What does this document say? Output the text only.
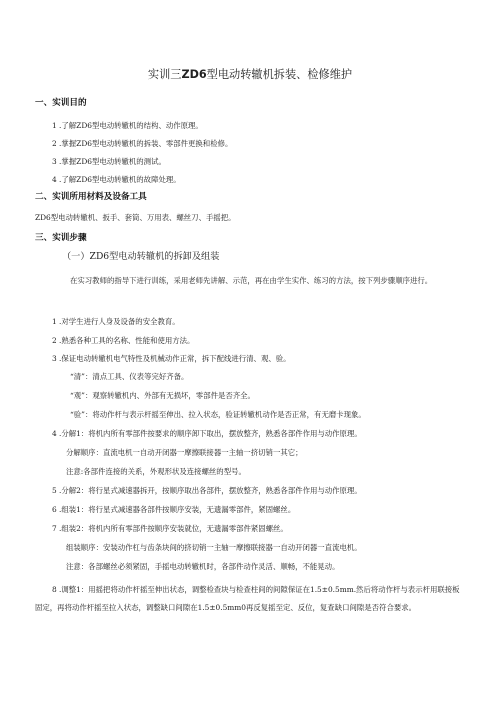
实训三ZD6型电动转辙机拆装、检修维护
一、实训目的
1 .了解ZD6型电动转辙机的结构、动作原理。
2 .掌握ZD6型电动转辙机的拆装、零部件更换和检修。
3 .掌握ZD6型电动转辙机的测试。
4 .了解ZD6型电动转辙机的故障处理。
二、实训所用材料及设备工具
ZD6型电动转辙机、扳手、套筒、万用表、螺丝刀、手摇把。
三、实训步骤
（一）ZD6型电动转辙机的拆卸及组装
在实习教师的指导下进行训练，采用老师先讲解、示范，再在由学生实作、练习的方法，按下列步骤顺序进行。
1 .对学生进行人身及设备的安全教育。
2 .熟悉各种工具的名称、性能和使用方法。
3 .保证电动转辙机电气特性及机械动作正常，拆下配线进行清、观、验。
“清”：清点工具、仪表等完好齐备。
“观”：观察转辙机内、外部有无损坏，零部件是否齐全。
“验”：将动作杆与表示杆摇至伸出、拉入状态，验证转辙机动作是否正常，有无磨卡现象。
4 .分解1：将机内所有零部件按要求的顺序卸下取出，摆放整齐，熟悉各部件作用与动作原理。
分解顺序：直流电机一自动开闭器一摩擦联接器一主轴一挤切销一其它；
注意:各部件连接的关系，外观形状及连接螺丝的型号。
5 .分解2：将行星式减速器拆开，按顺序取出各部件，摆放整齐，熟悉各部件作用与动作原理。
6 .组装1：将行星式减速器各部件按顺序安装，无遗漏零部件，紧固螺丝。
7 .组装2：将机内所有零部件按顺序安装就位，无遗漏零部件紧固螺丝。
组装顺序：安装动作杠与齿条块间的挤切销一主轴一摩擦联接器一自动开闭器一直流电机。
注意：各部螺丝必须紧固，手摇电动转辙机时，各部件动作灵活、顺畅，不能晃动。
8 .调整1：用摇把将动作杆摇至伸出状态，调整检查块与检查柱间的间隙保证在1.5±0.5mm.然后将动作杆与表示杆用联接板固定，再将动作杆摇至拉入状态，调整缺口间隙在1.5±0.5mm0再反复摇至定、反位，复查缺口间隙是否符合要求。
